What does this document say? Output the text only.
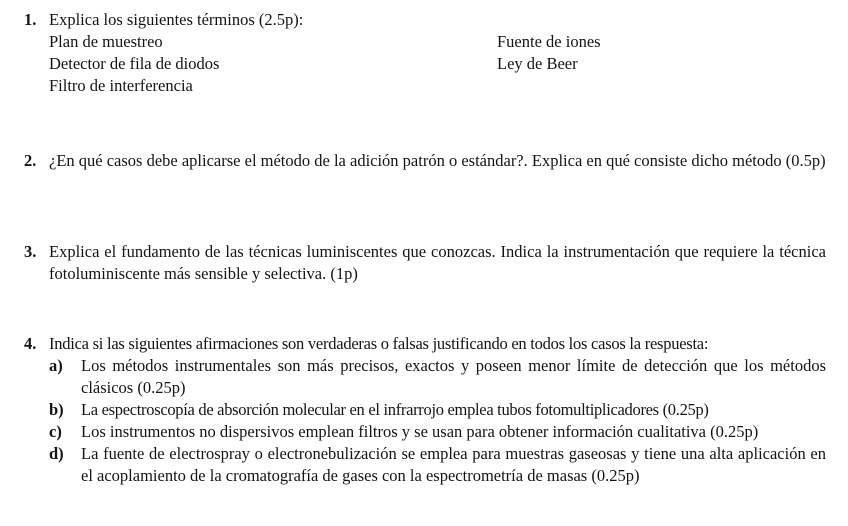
1. Explica los siguientes términos (2.5p):
Plan de muestreo
Detector de fila de diodos
Filtro de interferencia
Fuente de iones
Ley de Beer
2. ¿En qué casos debe aplicarse el método de la adición patrón o estándar?. Explica en qué consiste dicho método (0.5p)
3. Explica el fundamento de las técnicas luminiscentes que conozcas. Indica la instrumentación que requiere la técnica fotoluminiscente más sensible y selectiva. (1p)
4. Indica si las siguientes afirmaciones son verdaderas o falsas justificando en todos los casos la respuesta:
a) Los métodos instrumentales son más precisos, exactos y poseen menor límite de detección que los métodos clásicos (0.25p)
b) La espectroscopía de absorción molecular en el infrarrojo emplea tubos fotomultiplicadores (0.25p)
c) Los instrumentos no dispersivos emplean filtros y se usan para obtener información cualitativa (0.25p)
d) La fuente de electrospray o electronebulización se emplea para muestras gaseosas y tiene una alta aplicación en el acoplamiento de la cromatografía de gases con la espectrometría de masas (0.25p)
